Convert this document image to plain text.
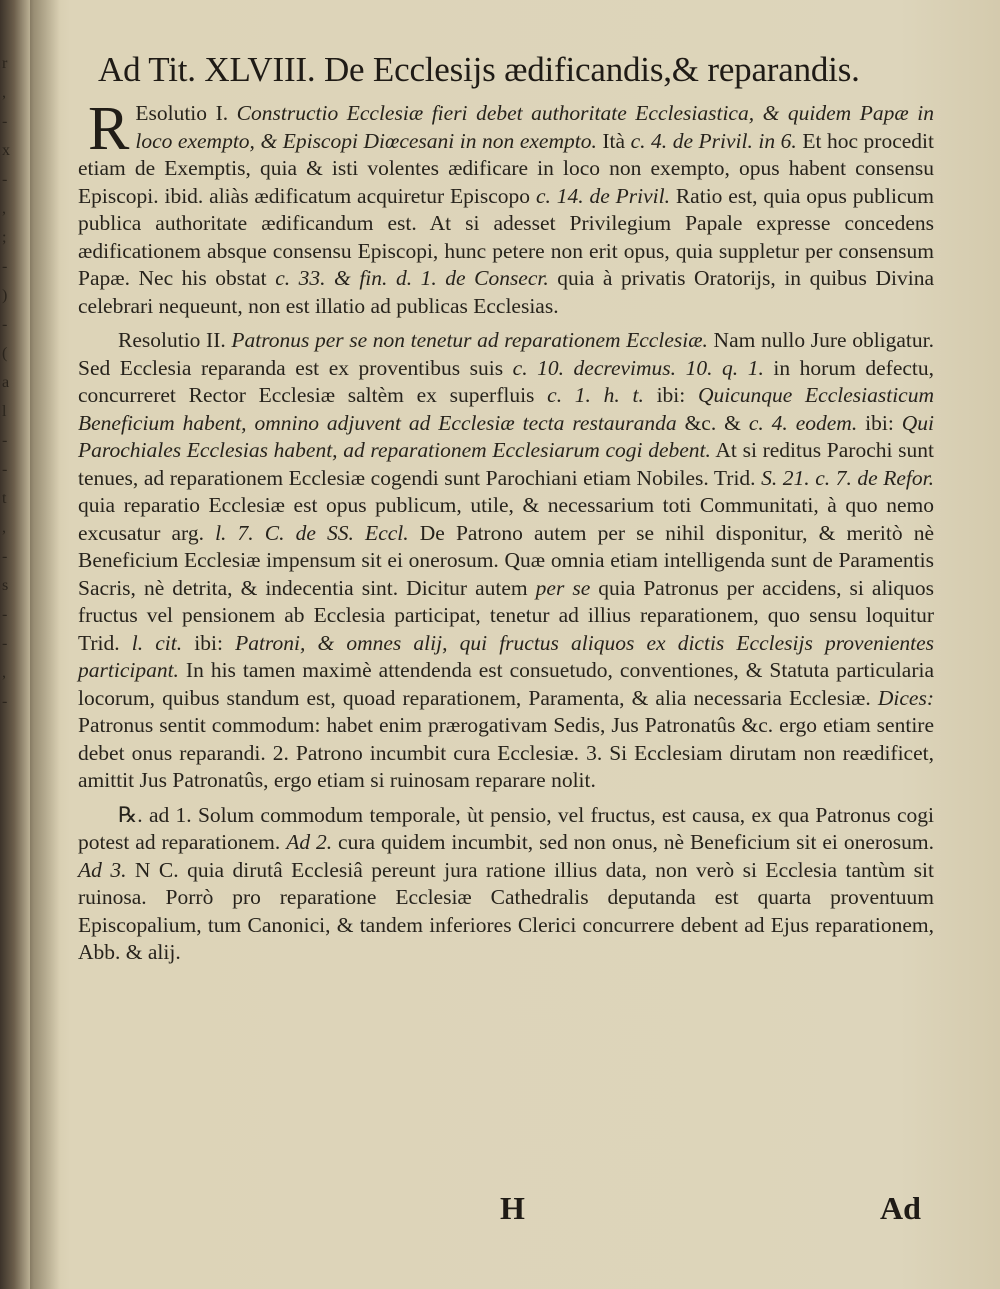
r
,
-
x
-
,
;
-
)
-
(
a
l
-
-
t
,
-
s
-
-
,
-
Ad Tit. XLVIII. De Ecclesijs ædificandis,& reparandis.

R Esolutio I. Constructio Ecclesiæ fieri debet authoritate Ecclesiastica, & quidem Papæ in loco exempto, & Episcopi Diœcesani in non exempto. Ità c. 4. de Privil. in 6. Et hoc procedit etiam de Exemptis, quia & isti volentes ædificare in loco non exempto, opus habent consensu Episcopi. ibid. aliàs ædificatum acquiretur Episcopo c. 14. de Privil. Ratio est, quia opus publicum publica authoritate ædificandum est. At si adesset Privilegium Papale expresse concedens ædificationem absque consensu Episcopi, hunc petere non erit opus, quia suppletur per consensum Papæ. Nec his obstat c. 33. & fin. d. 1. de Consecr. quia à privatis Oratorijs, in quibus Divina celebrari nequeunt, non est illatio ad publicas Ecclesias.

Resolutio II. Patronus per se non tenetur ad reparationem Ecclesiæ. Nam nullo Jure obligatur. Sed Ecclesia reparanda est ex proventibus suis c. 10. decrevimus. 10. q. 1. in horum defectu, concurreret Rector Ecclesiæ saltèm ex superfluis c. 1. h. t. ibi: Quicunque Ecclesiasticum Beneficium habent, omnino adjuvent ad Ecclesiæ tecta restauranda &c. & c. 4. eodem. ibi: Qui Parochiales Ecclesias habent, ad reparationem Ecclesiarum cogi debent. At si reditus Parochi sunt tenues, ad reparationem Ecclesiæ cogendi sunt Parochiani etiam Nobiles. Trid. S. 21. c. 7. de Refor. quia reparatio Ecclesiæ est opus publicum, utile, & necessarium toti Communitati, à quo nemo excusatur arg. l. 7. C. de SS. Eccl. De Patrono autem per se nihil disponitur, & meritò nè Beneficium Ecclesiæ impensum sit ei onerosum. Quæ omnia etiam intelligenda sunt de Paramentis Sacris, nè detrita, & indecentia sint. Dicitur autem per se quia Patronus per accidens, si aliquos fructus vel pensionem ab Ecclesia participat, tenetur ad illius reparationem, quo sensu loquitur Trid. l. cit. ibi: Patroni, & omnes alij, qui fructus aliquos ex dictis Ecclesijs provenientes participant. In his tamen maximè attendenda est consuetudo, conventiones, & Statuta particularia locorum, quibus standum est, quoad reparationem, Paramenta, & alia necessaria Ecclesiæ. Dices: Patronus sentit commodum: habet enim prærogativam Sedis, Jus Patronatûs &c. ergo etiam sentire debet onus reparandi. 2. Patrono incumbit cura Ecclesiæ. 3. Si Ecclesiam dirutam non reædificet, amittit Jus Patronatûs, ergo etiam si ruinosam reparare nolit.

℞. ad 1. Solum commodum temporale, ùt pensio, vel fructus, est causa, ex qua Patronus cogi potest ad reparationem. Ad 2. cura quidem incumbit, sed non onus, nè Beneficium sit ei onerosum. Ad 3. N C. quia dirutâ Ecclesiâ pereunt jura ratione illius data, non verò si Ecclesia tantùm sit ruinosa. Porrò pro reparatione Ecclesiæ Cathedralis deputanda est quarta proventuum Episcopalium, tum Canonici, & tandem inferiores Clerici concurrere debent ad Ejus reparationem, Abb. & alij.

H	Ad
